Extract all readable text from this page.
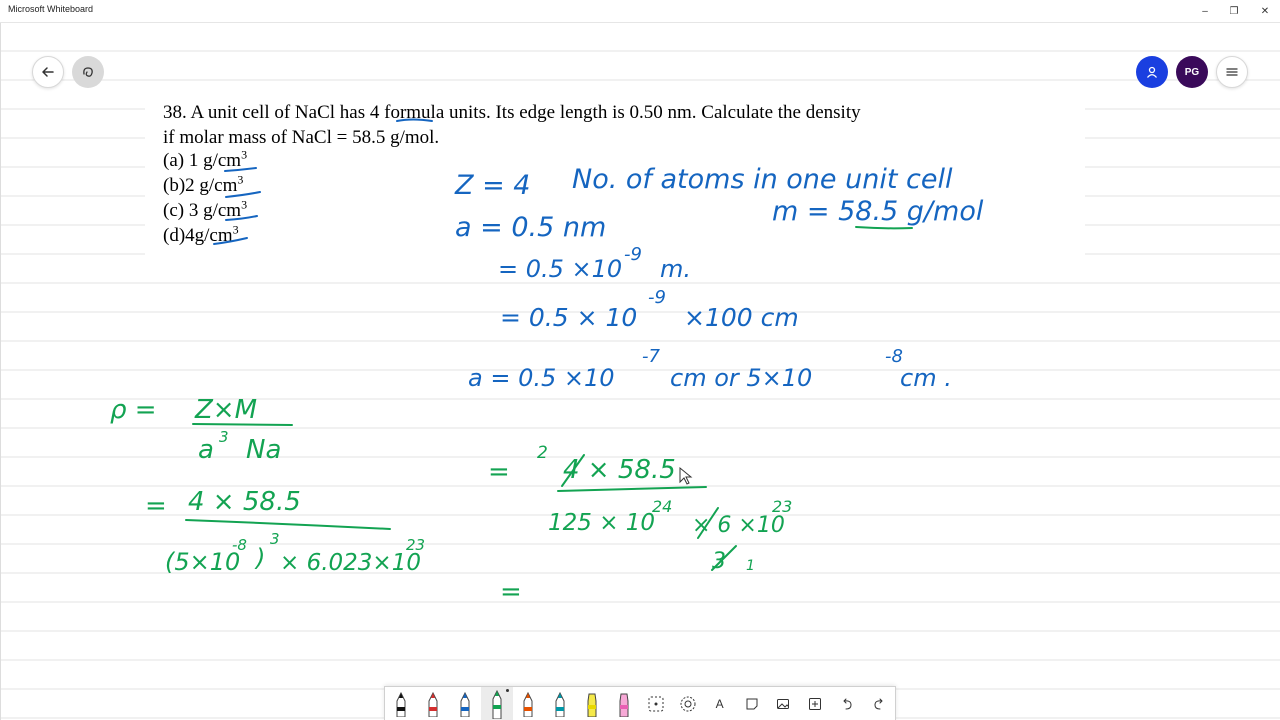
Microsoft Whiteboard	–	❐	✕
38. A unit cell of NaCl has 4 formula units. Its edge length is 0.50 nm. Calculate the density
if molar mass of NaCl = 58.5 g/mol.
(a) 1 $g/cm^3$
(b)2 $g/cm^3$
(c) 3 $g/cm^3$
$(d)4g/cm^3$
Z = 4 No. of atoms in one unit cell
a = 0.5 nm
m = 58.5 g/mol
= 0.5 ×10
-9
m.
= 0.5 × 10
-9
×100 cm
a = 0.5 ×10
-7
cm or 5×10
-8
cm .
ρ = Z×M
a 3 Na
= 4 × 58.5
(5×10
-8 )
3
× 6.023×10
23
=
2
4 × 58.5
125 × 10
24
× 6 ×10
23
3 1
=
PG
A
